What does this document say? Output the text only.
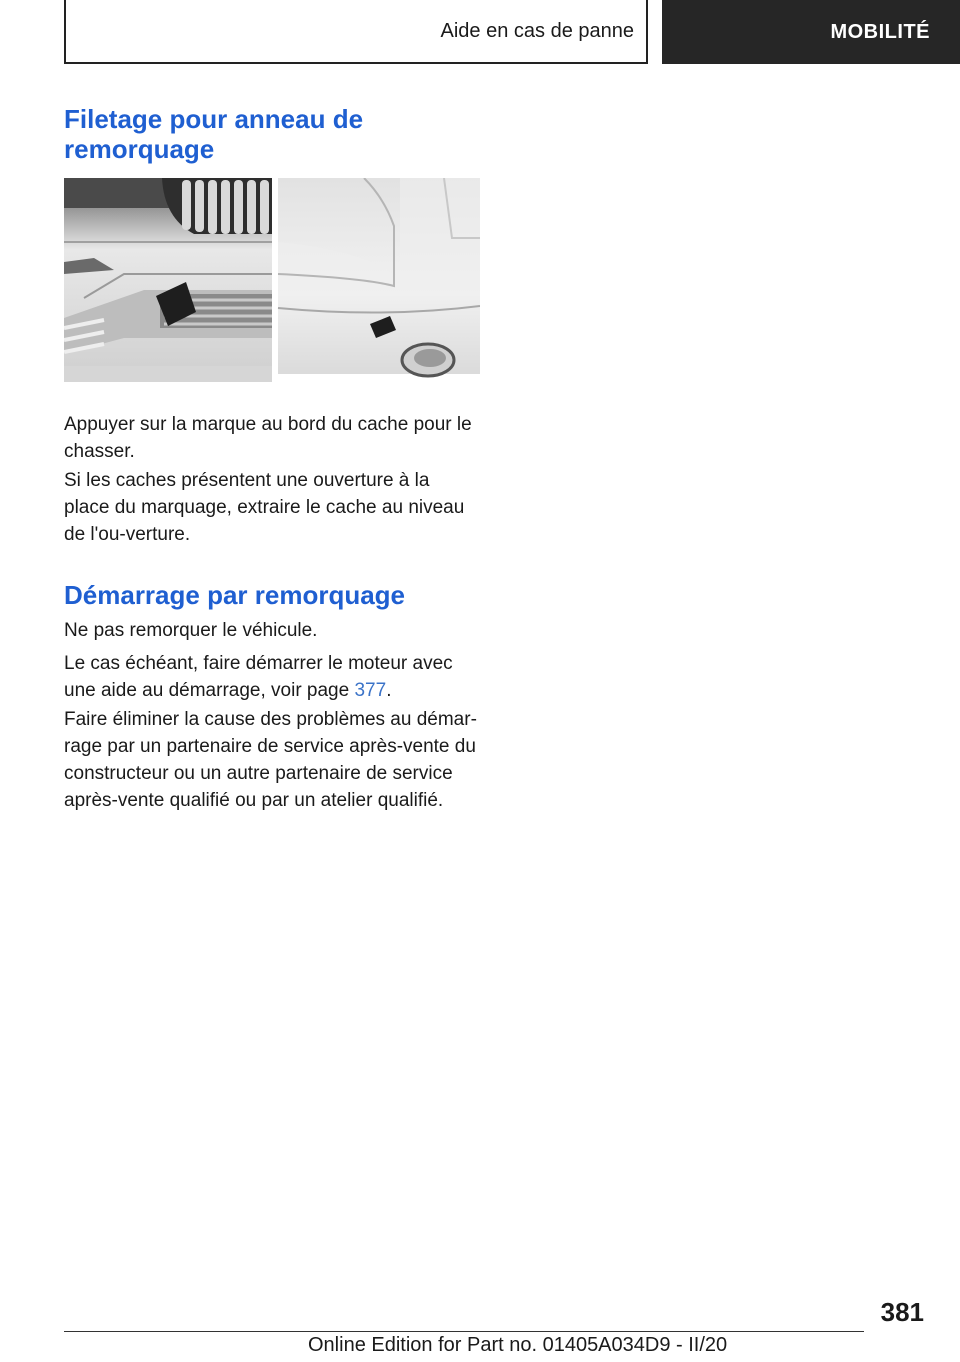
Aide en cas de panne	MOBILITÉ
Filetage pour anneau de remorquage

Appuyer sur la marque au bord du cache pour le chasser.

Si les caches présentent une ouverture à la place du marquage, extraire le cache au niveau de l'ou‐verture.

Démarrage par remorquage

Ne pas remorquer le véhicule.

Le cas échéant, faire démarrer le moteur avec une aide au démarrage, voir page 377.

Faire éliminer la cause des problèmes au démar‐rage par un partenaire de service après-vente du constructeur ou un autre partenaire de service après-vente qualifié ou par un atelier qualifié.

381
Online Edition for Part no. 01405A034D9 - II/20
